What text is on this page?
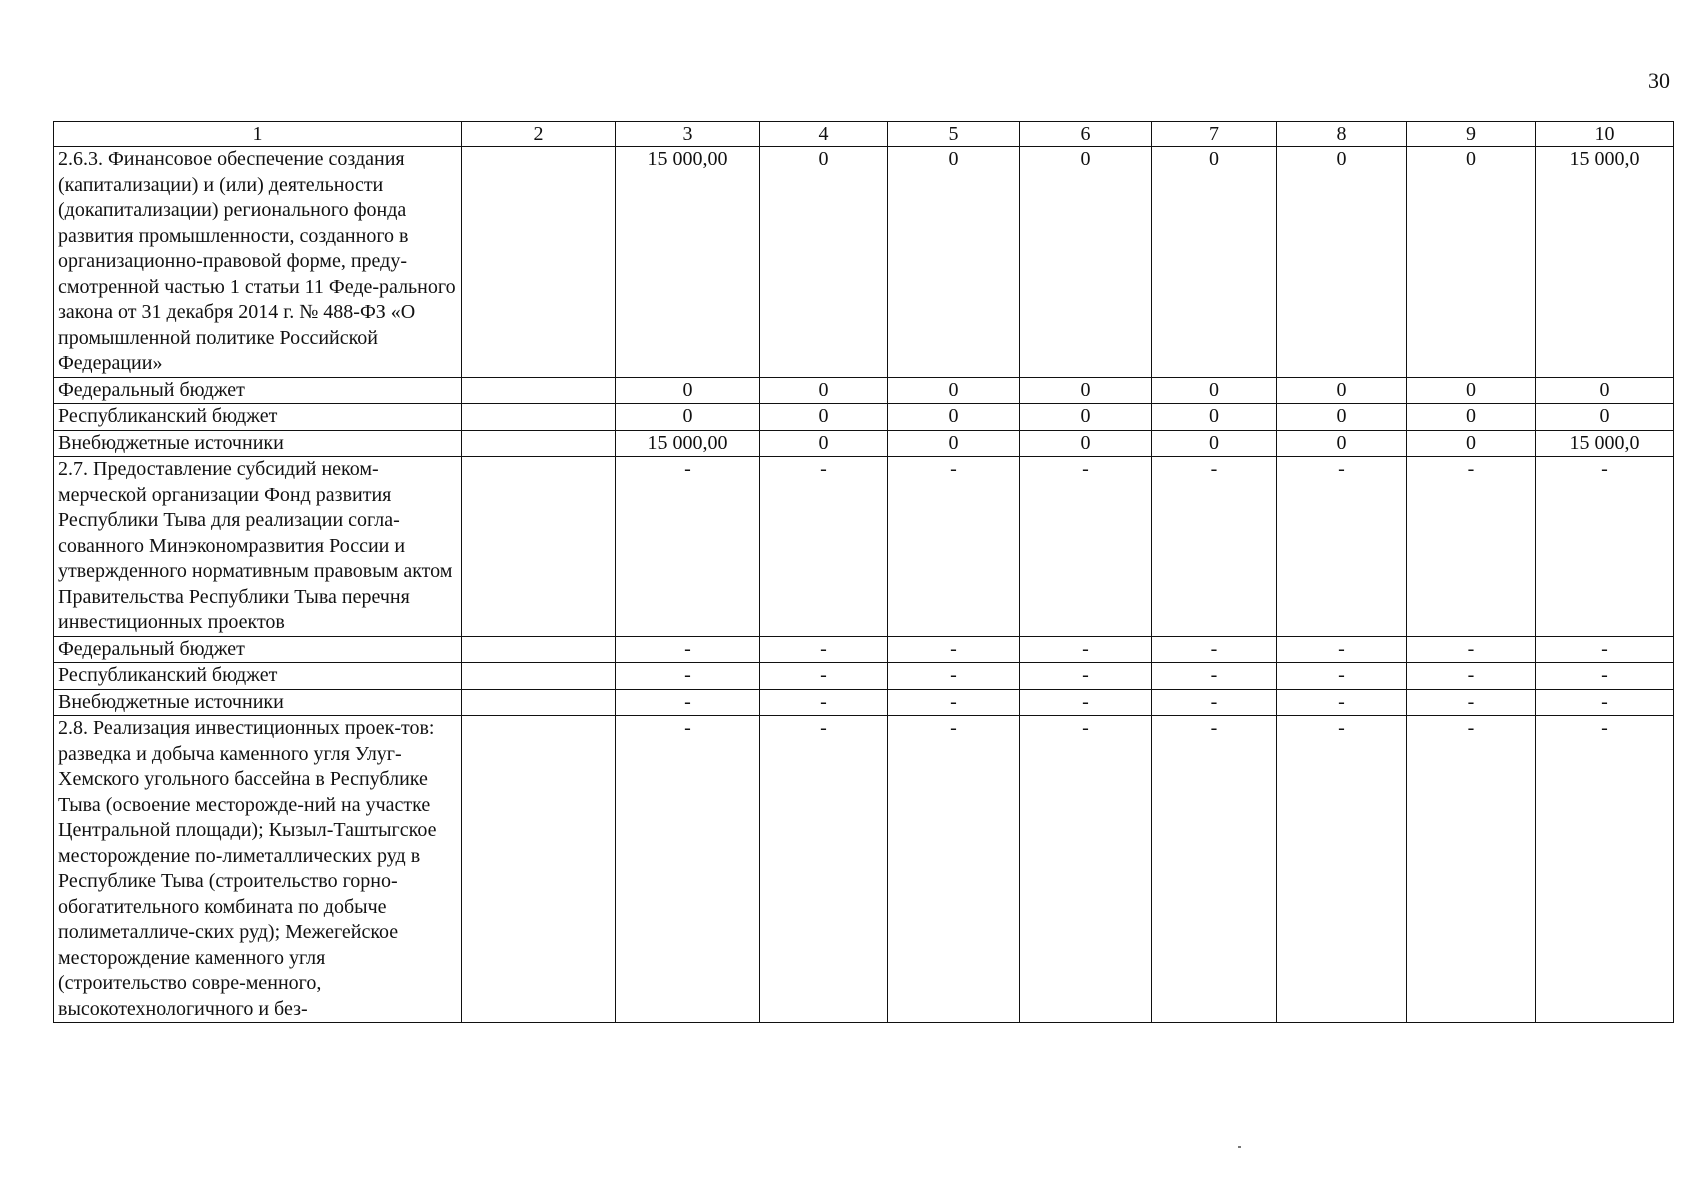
30
1	2	3	4	5	6	7	8	9	10
2.6.3. Финансовое обеспечение создания (капитализации) и (или) деятельности (докапитализации) регионального фонда развития промышленности, созданного в организационно-правовой форме, преду-смотренной частью 1 статьи 11 Феде-рального закона от 31 декабря 2014 г. № 488-ФЗ «О промышленной политике Российской Федерации»		15 000,00	0	0	0	0	0	0	15 000,0
Федеральный бюджет		0	0	0	0	0	0	0	0
Республиканский бюджет		0	0	0	0	0	0	0	0
Внебюджетные источники		15 000,00	0	0	0	0	0	0	15 000,0
2.7. Предоставление субсидий неком-мерческой организации Фонд развития Республики Тыва для реализации согла-сованного Минэкономразвития России и утвержденного нормативным правовым актом Правительства Республики Тыва перечня инвестиционных проектов		-	-	-	-	-	-	-	-
Федеральный бюджет		-	-	-	-	-	-	-	-
Республиканский бюджет		-	-	-	-	-	-	-	-
Внебюджетные источники		-	-	-	-	-	-	-	-
2.8. Реализация инвестиционных проек-тов: разведка и добыча каменного угля Улуг-Хемского угольного бассейна в Республике Тыва (освоение месторожде-ний на участке Центральной площади); Кызыл-Таштыгское месторождение по-лиметаллических руд в Республике Тыва (строительство горно-обогатительного комбината по добыче полиметалличе-ских руд); Межегейское месторождение каменного угля (строительство совре-менного, высокотехнологичного и без-		-	-	-	-	-	-	-	-
